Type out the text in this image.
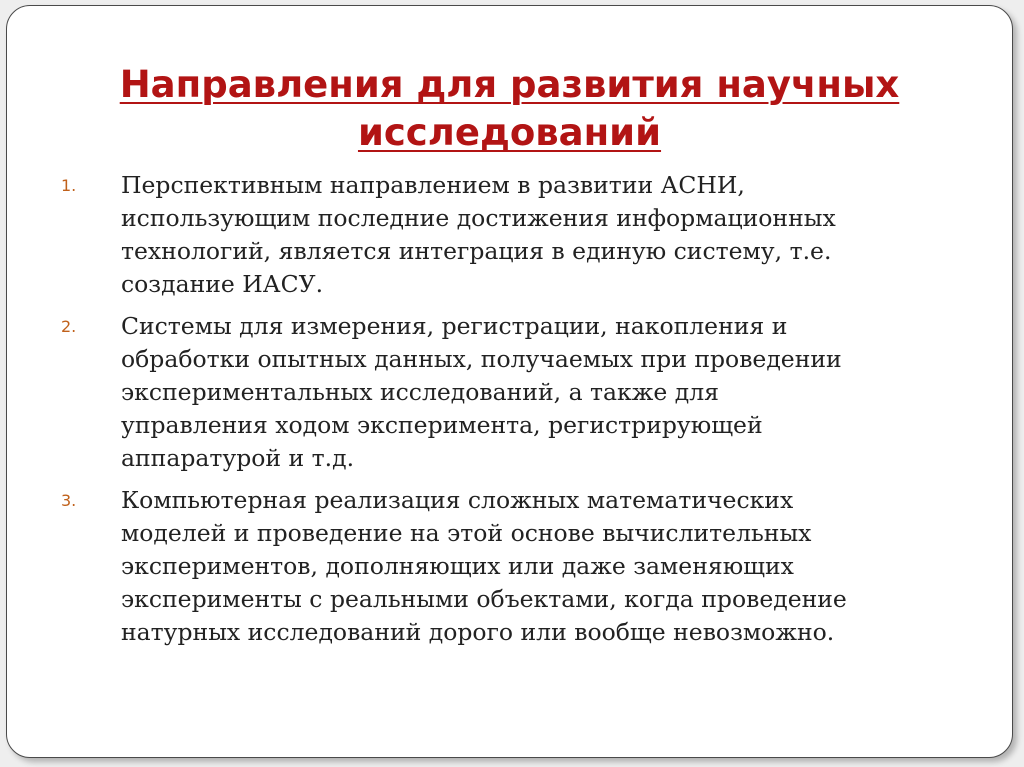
Направления для развития научных
исследований
1. Перспективным направлением в развитии АСНИ,
использующим последние достижения информационных
технологий, является интеграция в единую систему, т.е.
создание ИАСУ.
2. Системы для измерения, регистрации, накопления и
обработки опытных данных, получаемых при проведении
экспериментальных исследований, а также для
управления ходом эксперимента, регистрирующей
аппаратурой и т.д.
3. Компьютерная реализация сложных математических
моделей и проведение на этой основе вычислительных
экспериментов, дополняющих или даже заменяющих
эксперименты с реальными объектами, когда проведение
натурных исследований дорого или вообще невозможно.
